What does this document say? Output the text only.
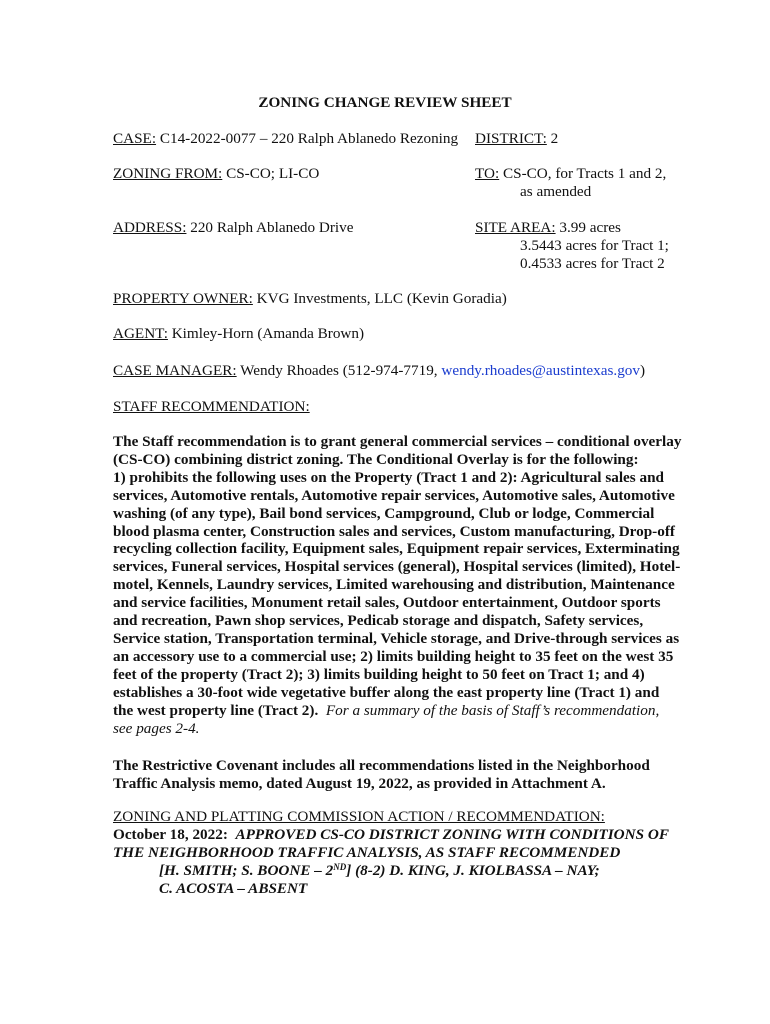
ZONING CHANGE REVIEW SHEET
CASE: C14-2022-0077 – 220 Ralph Ablanedo Rezoning DISTRICT: 2
ZONING FROM: CS-CO; LI-CO	TO: CS-CO, for Tracts 1 and 2,
as amended
ADDRESS: 220 Ralph Ablanedo Drive	SITE AREA: 3.99 acres
3.5443 acres for Tract 1;
0.4533 acres for Tract 2
PROPERTY OWNER: KVG Investments, LLC (Kevin Goradia)
AGENT: Kimley-Horn (Amanda Brown)
CASE MANAGER: Wendy Rhoades (512-974-7719, wendy.rhoades@austintexas.gov)
STAFF RECOMMENDATION:
The Staff recommendation is to grant general commercial services – conditional overlay
(CS-CO) combining district zoning. The Conditional Overlay is for the following:
1) prohibits the following uses on the Property (Tract 1 and 2): Agricultural sales and
services, Automotive rentals, Automotive repair services, Automotive sales, Automotive
washing (of any type), Bail bond services, Campground, Club or lodge, Commercial
blood plasma center, Construction sales and services, Custom manufacturing, Drop-off
recycling collection facility, Equipment sales, Equipment repair services, Exterminating
services, Funeral services, Hospital services (general), Hospital services (limited), Hotel-
motel, Kennels, Laundry services, Limited warehousing and distribution, Maintenance
and service facilities, Monument retail sales, Outdoor entertainment, Outdoor sports
and recreation, Pawn shop services, Pedicab storage and dispatch, Safety services,
Service station, Transportation terminal, Vehicle storage, and Drive-through services as
an accessory use to a commercial use; 2) limits building height to 35 feet on the west 35
feet of the property (Tract 2); 3) limits building height to 50 feet on Tract 1; and 4)
establishes a 30-foot wide vegetative buffer along the east property line (Tract 1) and
the west property line (Tract 2). For a summary of the basis of Staff’s recommendation,
see pages 2-4.
The Restrictive Covenant includes all recommendations listed in the Neighborhood
Traffic Analysis memo, dated August 19, 2022, as provided in Attachment A.
ZONING AND PLATTING COMMISSION ACTION / RECOMMENDATION:
October 18, 2022: APPROVED CS-CO DISTRICT ZONING WITH CONDITIONS OF
THE NEIGHBORHOOD TRAFFIC ANALYSIS, AS STAFF RECOMMENDED
[H. SMITH; S. BOONE – 2ND] (8-2) D. KING, J. KIOLBASSA – NAY;
C. ACOSTA – ABSENT
